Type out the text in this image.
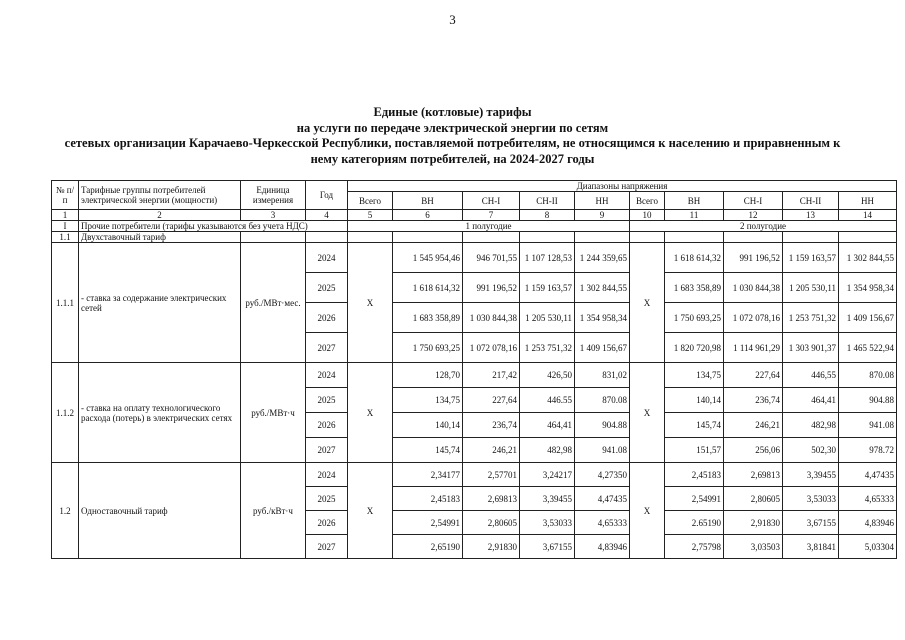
3
Единые (котловые) тарифы
на услуги по передаче электрической энергии по сетям
сетевых организации Карачаево-Черкесской Республики, поставляемой потребителям, не относящимся к населению и приравненным к
нему категориям потребителей, на 2024-2027 годы
№ п/п	Тарифные группы потребителей электрической энергии (мощности)	Единица измерения	Год	Диапазоны напряжения									
				Всего	ВН	СН-I	СН-II	НН	Всего	ВН	СН-I	СН-II	НН
1	2	3	4	5	6	7	8	9	10	11	12	13	14
I	Прочие потребители (тарифы указываются без учета НДС)			1 полугодие					2 полугодие				
1.1	Двухставочный тариф												
1.1.1	- ставка за содержание электрических сетей	руб./МВт·мес.	2024	Х	1 545 954,46	946 701,55	1 107 128,53	1 244 359,65	Х	1 618 614,32	991 196,52	1 159 163,57	1 302 844,55
			2025		1 618 614,32	991 196,52	1 159 163,57	1 302 844,55		1 683 358,89	1 030 844,38	1 205 530,11	1 354 958,34
			2026		1 683 358,89	1 030 844,38	1 205 530,11	1 354 958,34		1 750 693,25	1 072 078,16	1 253 751,32	1 409 156,67
			2027		1 750 693,25	1 072 078,16	1 253 751,32	1 409 156,67		1 820 720,98	1 114 961,29	1 303 901,37	1 465 522,94
1.1.2	- ставка на оплату технологического расхода (потерь) в электрических сетях	руб./МВт·ч	2024	Х	128,70	217,42	426,50	831,02	Х	134,75	227,64	446,55	870.08
			2025		134,75	227,64	446.55	870.08		140,14	236,74	464,41	904.88
			2026		140,14	236,74	464,41	904.88		145,74	246,21	482,98	941.08
			2027		145,74	246,21	482,98	941.08		151,57	256,06	502,30	978.72
1.2	Одноставочный тариф	руб./кВт·ч	2024	Х	2,34177	2,57701	3,24217	4,27350	Х	2,45183	2,69813	3,39455	4,47435
			2025		2,45183	2,69813	3,39455	4,47435		2,54991	2,80605	3,53033	4,65333
			2026		2,54991	2,80605	3,53033	4,65333		2.65190	2,91830	3,67155	4,83946
			2027		2,65190	2,91830	3,67155	4,83946		2,75798	3,03503	3,81841	5,03304
